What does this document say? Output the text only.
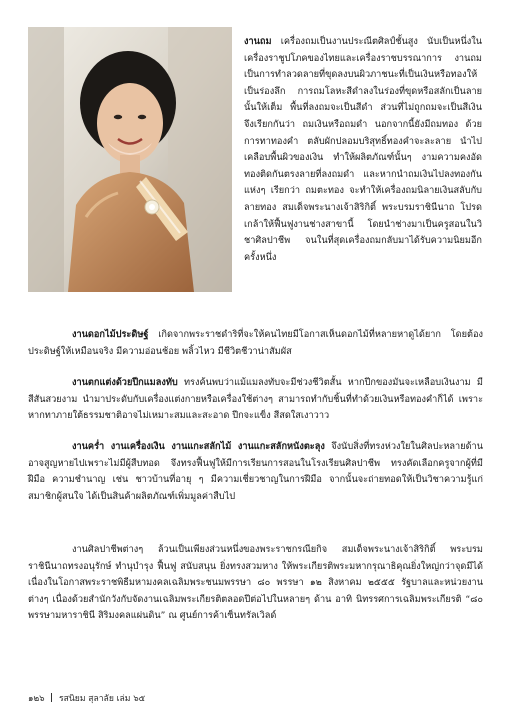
งานถม เครื่องถมเป็นงานประณีตศิลป์ชั้นสูง นับเป็นหนึ่งในเครื่องราชูปโภคของไทยและเครื่องราชบรรณาการ งานถมเป็นการทำลวดลายที่ขุดลงบนผิวภาชนะที่เป็นเงินหรือทองให้เป็นร่องลึก การถมโลหะสีดำลงในร่องที่ขุดหรือสลักเป็นลายนั้นให้เต็ม พื้นที่ลงถมจะเป็นสีดำ ส่วนที่ไม่ถูกถมจะเป็นสีเงิน จึงเรียกกันว่า ถมเงินหรือถมดำ นอกจากนี้ยังมีถมทอง ด้วยการทาทองคำ ตลับผักปลอมบริสุทธิ์ทองคำจะละลาย นำไปเคลือบพื้นผิวของเงิน ทำให้ผลิตภัณฑ์นั้นๆ งามความคงอัดทองติดกันตรงลายที่ลงถมดำ และหากนำถมเงินไปลงทองกันแห่งๆ เรียกว่า ถมตะทอง จะทำให้เครื่องถมนิลายเงินสลับกับลายทอง สมเด็จพระนางเจ้าสิริกิติ์ พระบรมราชินีนาถ โปรดเกล้าให้ฟื้นฟูงานช่างสาขานี้ โดยนำช่างมาเป็นครูสอนในวิชาศิลปาชีพ จนในที่สุดเครื่องถมกลับมาได้รับความนิยมอีกครั้งหนึ่ง

งานดอกไม้ประดิษฐ์ เกิดจากพระราชดำริที่จะให้คนไทยมีโอกาสเห็นดอกไม้ที่หลายหาดูได้ยาก โดยต้องประดิษฐ์ให้เหมือนจริง มีความอ่อนช้อย พลิ้วไหว มีชีวิตชีวาน่าสัมผัส

งานตกแต่งด้วยปีกแมลงทับ ทรงค้นพบว่าแม้แมลงทับจะมีช่วงชีวิตสั้น หากปีกของมันจะเหลือบเงินงาม มีสีสันสวยงาม นำมาประดับกับเครื่องแต่งกายหรือเครื่องใช้ต่างๆ สามารถทำกับชิ้นที่ทำด้วยเงินหรือทองคำก็ได้ เพราะหากทาภายใต้ธรรมชาติอาจไม่เหมาะสมและสะอาด ปีกจะแข็ง สีสดใสเงาวาว

งานคร่ำ งานเครื่องเงิน งานแกะสลักไม้ งานแกะสลักหนังตะลุง จึงนับสิ่งที่ทรงห่วงใยในศิลปะหลายด้าน อาจสูญหายไปเพราะไม่มีผู้สืบทอด จึงทรงฟื้นฟูให้มีการเรียนการสอนในโรงเรียนศิลปาชีพ ทรงคัดเลือกครูจากผู้ที่มีฝีมือ ความชำนาญ เช่น ชาวบ้านที่อายุ ๆ มีความเชี่ยวชาญในการฝีมือ จากนั้นจะถ่ายทอดให้เป็นวิชาความรู้แก่สมาชิกผู้สนใจ ได้เป็นสินค้าผลิตภัณฑ์เพิ่มมูลค่าสืบไป

งานศิลปาชีพต่างๆ ล้วนเป็นเพียงส่วนหนึ่งของพระราชกรณียกิจ สมเด็จพระนางเจ้าสิริกิติ์ พระบรมราชินีนาถทรงอนุรักษ์ ทำนุบำรุง ฟื้นฟู สนับสนุน ยิ่งทรงสวมหาง ให้พระเกียรติพระมหากรุณาธิคุณยิ่งใหญ่กว่าจุดมีได้ เนื่องในโอกาสพระราชพิธีมหามงคลเฉลิมพระชนมพรรษา ๘๐ พรรษา ๑๒ สิงหาคม ๒๕๕๕ รัฐบาลและหน่วยงานต่างๆ เนื่องด้วยสำนักวังกับจัดงานเฉลิมพระเกียรติตลอดปีต่อไปในหลายๆ ด้าน อาทิ นิทรรศการเฉลิมพระเกียรติ “๘๐ พรรษามหาราชินี สิริมงคลแผ่นดิน” ณ ศูนย์การค้าเซ็นทรัลเวิลด์

๑๒๖ รสนิยม สุลาลัย เล่ม ๖๕
